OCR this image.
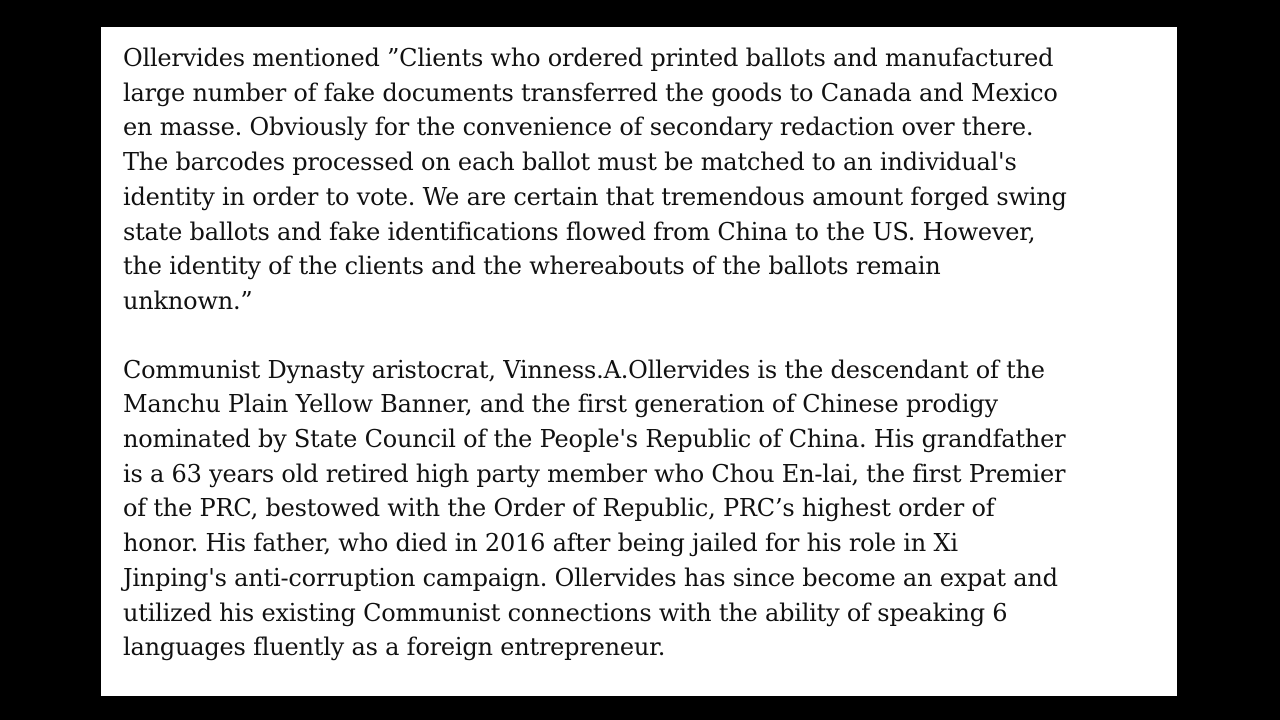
Ollervides mentioned ”Clients who ordered printed ballots and manufactured
large number of fake documents transferred the goods to Canada and Mexico
en masse. Obviously for the convenience of secondary redaction over there.
The barcodes processed on each ballot must be matched to an individual's
identity in order to vote. We are certain that tremendous amount forged swing
state ballots and fake identifications flowed from China to the US. However,
the identity of the clients and the whereabouts of the ballots remain
unknown.”

Communist Dynasty aristocrat, Vinness.A.Ollervides is the descendant of the
Manchu Plain Yellow Banner, and the first generation of Chinese prodigy
nominated by State Council of the People's Republic of China. His grandfather
is a 63 years old retired high party member who Chou En-lai, the first Premier
of the PRC, bestowed with the Order of Republic, PRC’s highest order of
honor. His father, who died in 2016 after being jailed for his role in Xi
Jinping's anti-corruption campaign. Ollervides has since become an expat and
utilized his existing Communist connections with the ability of speaking 6
languages fluently as a foreign entrepreneur.
